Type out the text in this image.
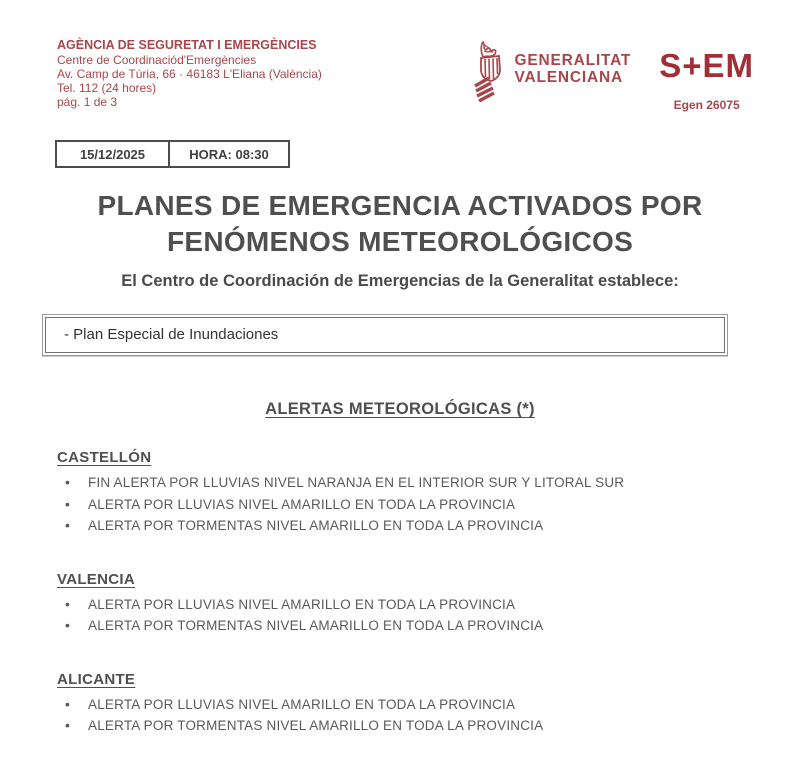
AGÈNCIA DE SEGURETAT I EMERGÈNCIES
Centre de Coordinaciód'Emergències
Av. Camp de Túria, 66 · 46183 L'Eliana (València)
Tel. 112 (24 hores)
pág. 1 de 3
GENERALITAT
VALENCIANA S+EM
Egen 26075
15/12/2025	HORA: 08:30
PLANES DE EMERGENCIA ACTIVADOS POR
FENÓMENOS METEOROLÓGICOS
El Centro de Coordinación de Emergencias de la Generalitat establece:
- Plan Especial de Inundaciones
ALERTAS METEOROLÓGICAS (*)
CASTELLÓN
• FIN ALERTA POR LLUVIAS NIVEL NARANJA EN EL INTERIOR SUR Y LITORAL SUR
• ALERTA POR LLUVIAS NIVEL AMARILLO EN TODA LA PROVINCIA
• ALERTA POR TORMENTAS NIVEL AMARILLO EN TODA LA PROVINCIA
VALENCIA
• ALERTA POR LLUVIAS NIVEL AMARILLO EN TODA LA PROVINCIA
• ALERTA POR TORMENTAS NIVEL AMARILLO EN TODA LA PROVINCIA
ALICANTE
• ALERTA POR LLUVIAS NIVEL AMARILLO EN TODA LA PROVINCIA
• ALERTA POR TORMENTAS NIVEL AMARILLO EN TODA LA PROVINCIA
